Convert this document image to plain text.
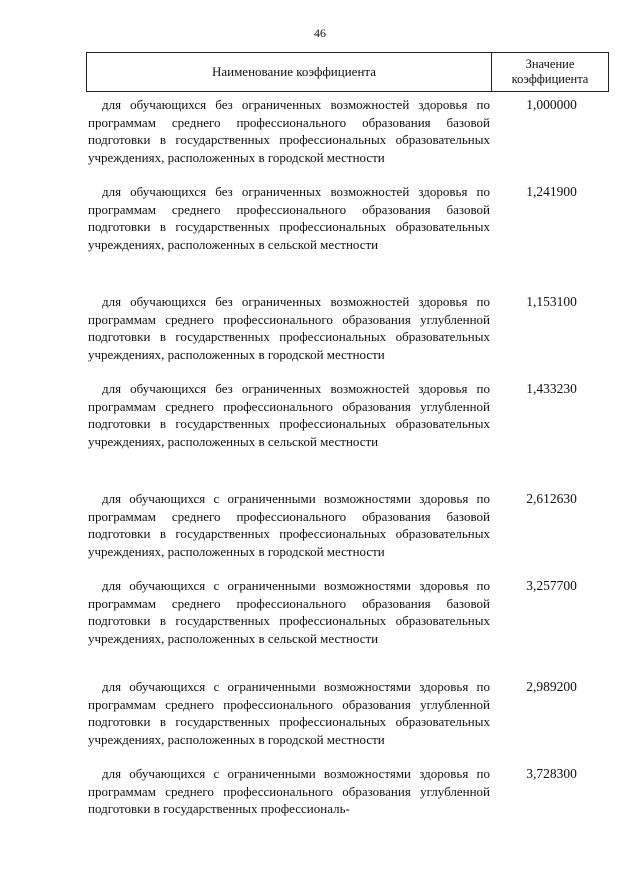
46
Наименование коэффициента	Значение коэффициента
для обучающихся без ограниченных возможностей здоровья по программам среднего профессионального образования базовой подготовки в государственных профессиональных образовательных учреждениях, расположенных в городской местности
1,000000
для обучающихся без ограниченных возможностей здоровья по программам среднего профессионального образования базовой подготовки в государственных профессиональных образовательных учреждениях, расположенных в сельской местности
1,241900
для обучающихся без ограниченных возможностей здоровья по программам среднего профессионального образования углубленной подготовки в государственных профессиональных образовательных учреждениях, расположенных в городской местности
1,153100
для обучающихся без ограниченных возможностей здоровья по программам среднего профессионального образования углубленной подготовки в государственных профессиональных образовательных учреждениях, расположенных в сельской местности
1,433230
для обучающихся с ограниченными возможностями здоровья по программам среднего профессионального образования базовой подготовки в государственных профессиональных образовательных учреждениях, расположенных в городской местности
2,612630
для обучающихся с ограниченными возможностями здоровья по программам среднего профессионального образования базовой подготовки в государственных профессиональных образовательных учреждениях, расположенных в сельской местности
3,257700
для обучающихся с ограниченными возможностями здоровья по программам среднего профессионального образования углубленной подготовки в государственных профессиональных образовательных учреждениях, расположенных в городской местности
2,989200
для обучающихся с ограниченными возможностями здоровья по программам среднего профессионального образования углубленной подготовки в государственных профессиональ-
3,728300
